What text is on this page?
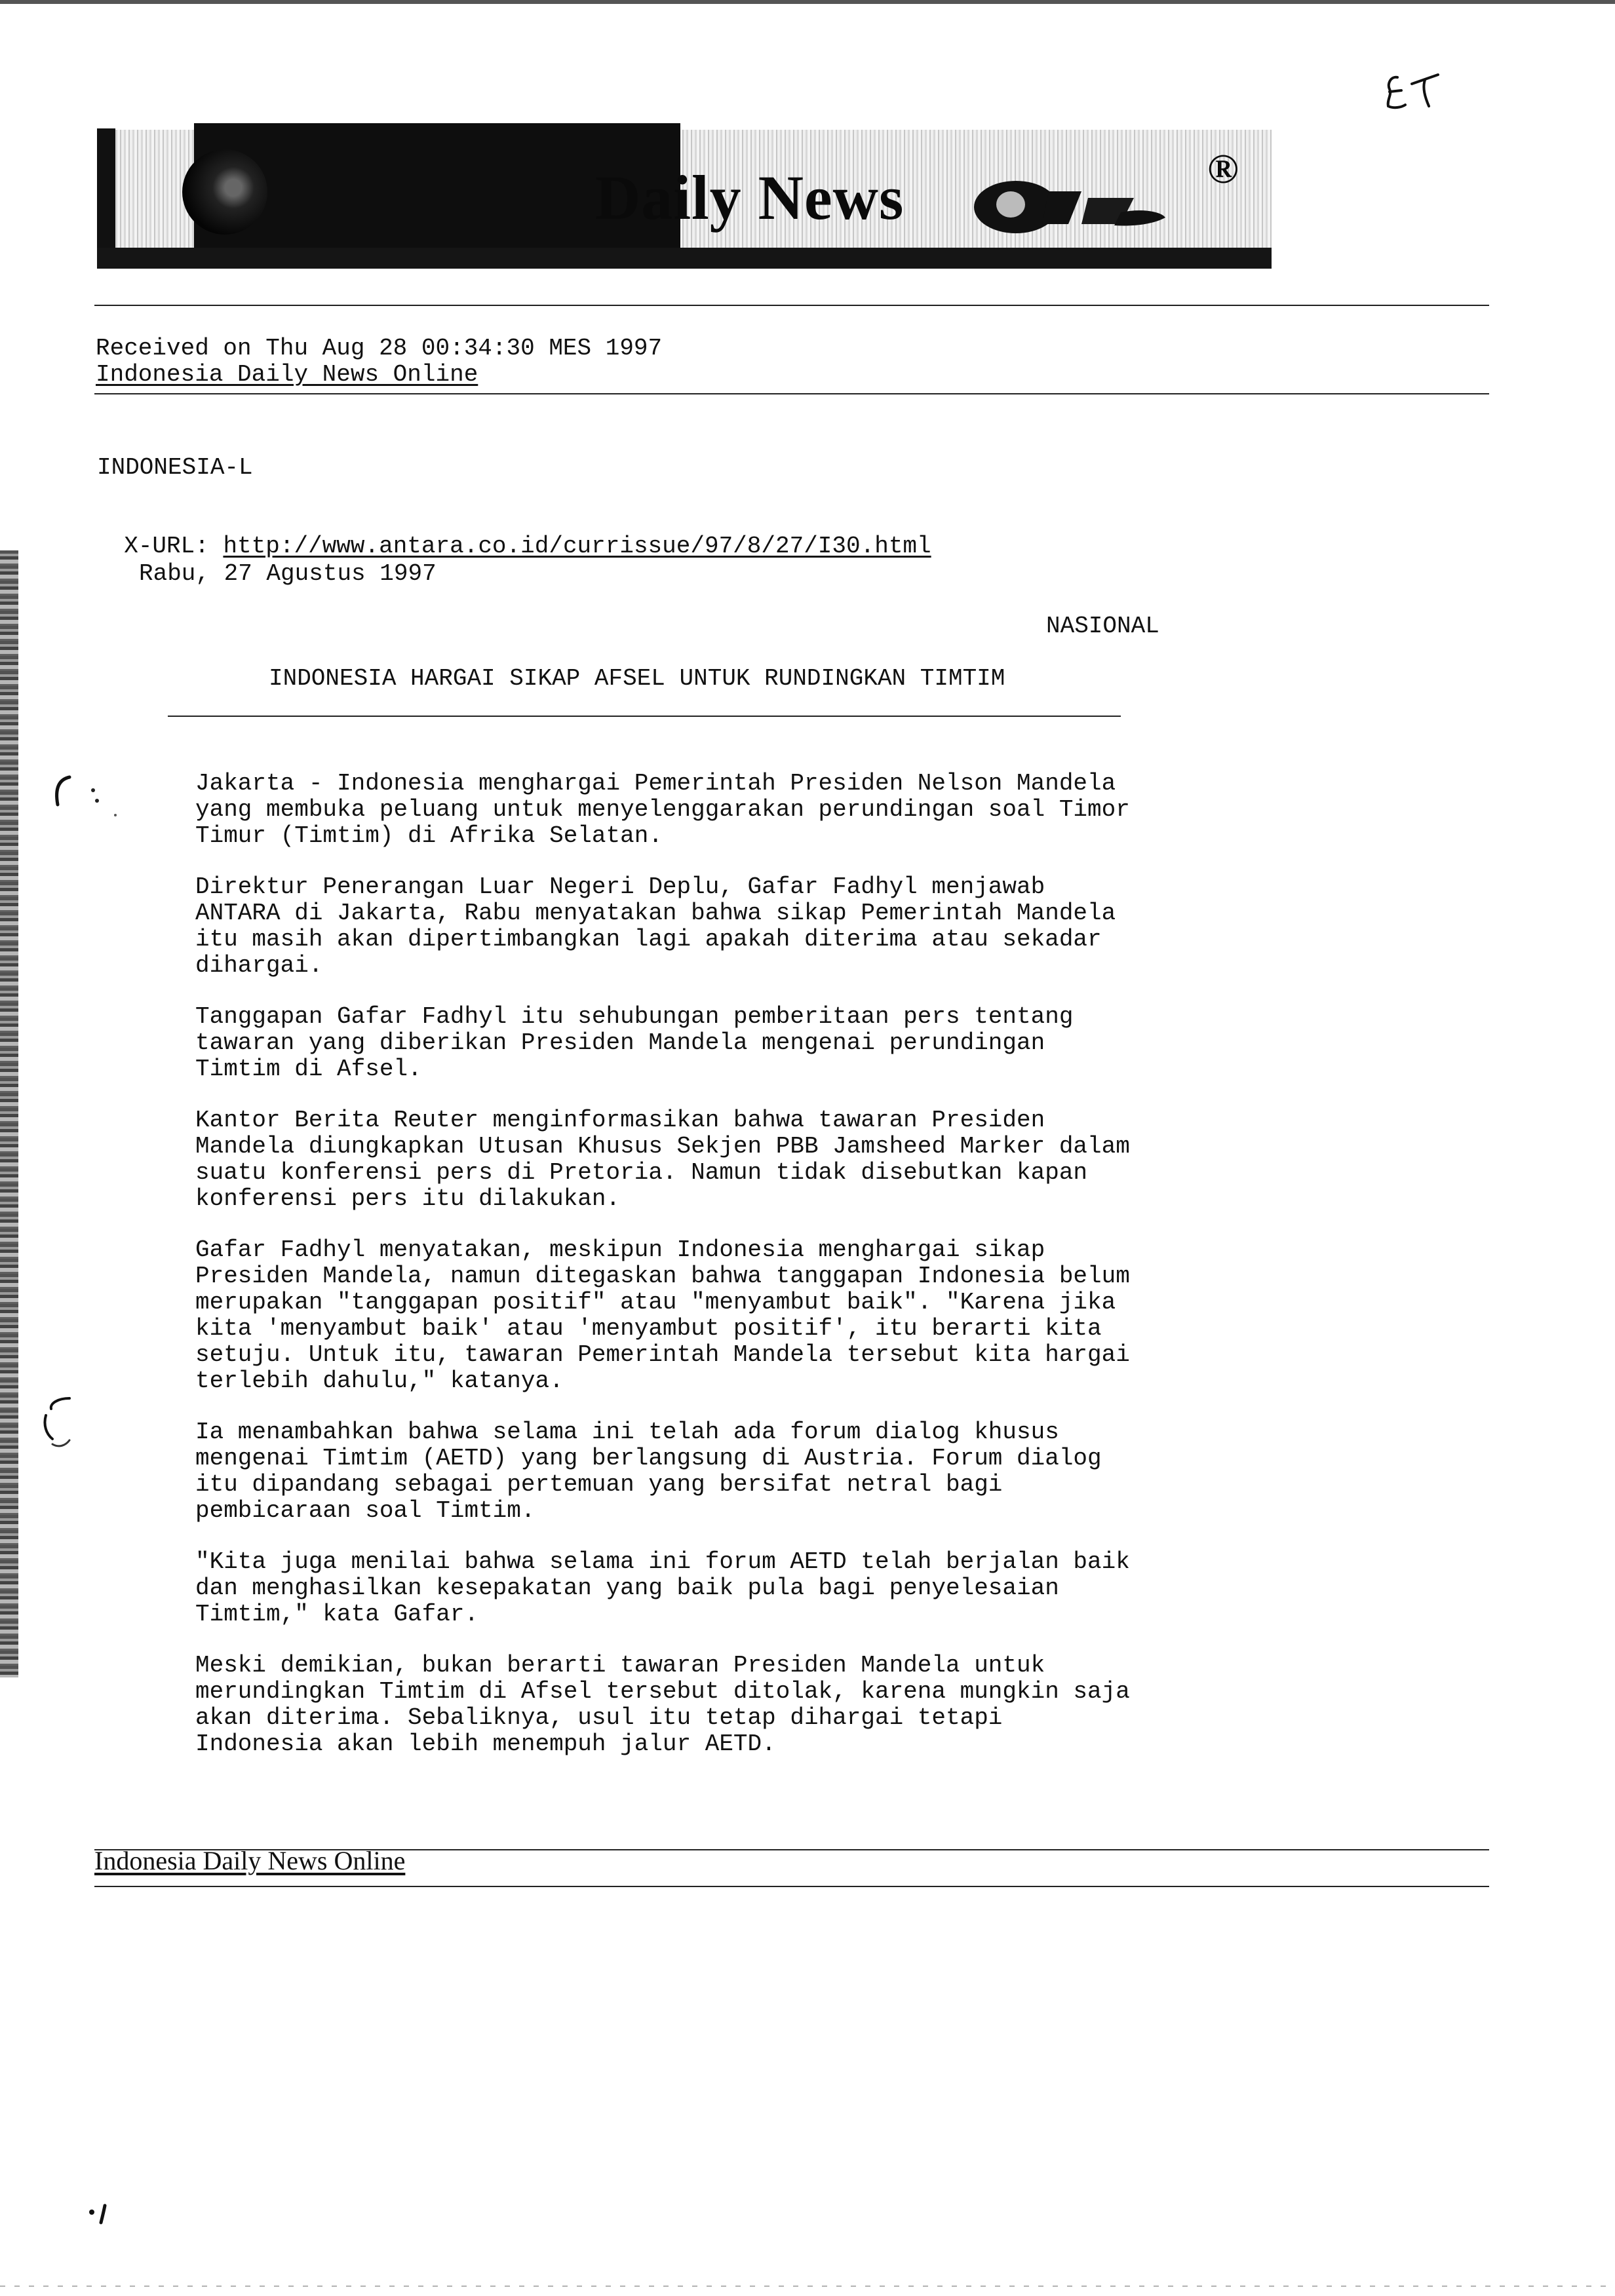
Daily News	®
Received on Thu Aug 28 00:34:30 MES 1997
Indonesia Daily News Online
INDONESIA-L

X-URL: http://www.antara.co.id/currissue/97/8/27/I30.html

Rabu, 27 Agustus 1997
NASIONAL
INDONESIA HARGAI SIKAP AFSEL UNTUK RUNDINGKAN TIMTIM

Jakarta - Indonesia menghargai Pemerintah Presiden Nelson Mandela
yang membuka peluang untuk menyelenggarakan perundingan soal Timor
Timur (Timtim) di Afrika Selatan.

Direktur Penerangan Luar Negeri Deplu, Gafar Fadhyl menjawab
ANTARA di Jakarta, Rabu menyatakan bahwa sikap Pemerintah Mandela
itu masih akan dipertimbangkan lagi apakah diterima atau sekadar
dihargai.

Tanggapan Gafar Fadhyl itu sehubungan pemberitaan pers tentang
tawaran yang diberikan Presiden Mandela mengenai perundingan
Timtim di Afsel.

Kantor Berita Reuter menginformasikan bahwa tawaran Presiden
Mandela diungkapkan Utusan Khusus Sekjen PBB Jamsheed Marker dalam
suatu konferensi pers di Pretoria. Namun tidak disebutkan kapan
konferensi pers itu dilakukan.

Gafar Fadhyl menyatakan, meskipun Indonesia menghargai sikap
Presiden Mandela, namun ditegaskan bahwa tanggapan Indonesia belum
merupakan "tanggapan positif" atau "menyambut baik". "Karena jika
kita 'menyambut baik' atau 'menyambut positif', itu berarti kita
setuju. Untuk itu, tawaran Pemerintah Mandela tersebut kita hargai
terlebih dahulu," katanya.

Ia menambahkan bahwa selama ini telah ada forum dialog khusus
mengenai Timtim (AETD) yang berlangsung di Austria. Forum dialog
itu dipandang sebagai pertemuan yang bersifat netral bagi
pembicaraan soal Timtim.

"Kita juga menilai bahwa selama ini forum AETD telah berjalan baik
dan menghasilkan kesepakatan yang baik pula bagi penyelesaian
Timtim," kata Gafar.

Meski demikian, bukan berarti tawaran Presiden Mandela untuk
merundingkan Timtim di Afsel tersebut ditolak, karena mungkin saja
akan diterima. Sebaliknya, usul itu tetap dihargai tetapi
Indonesia akan lebih menempuh jalur AETD.

Indonesia Daily News Online
